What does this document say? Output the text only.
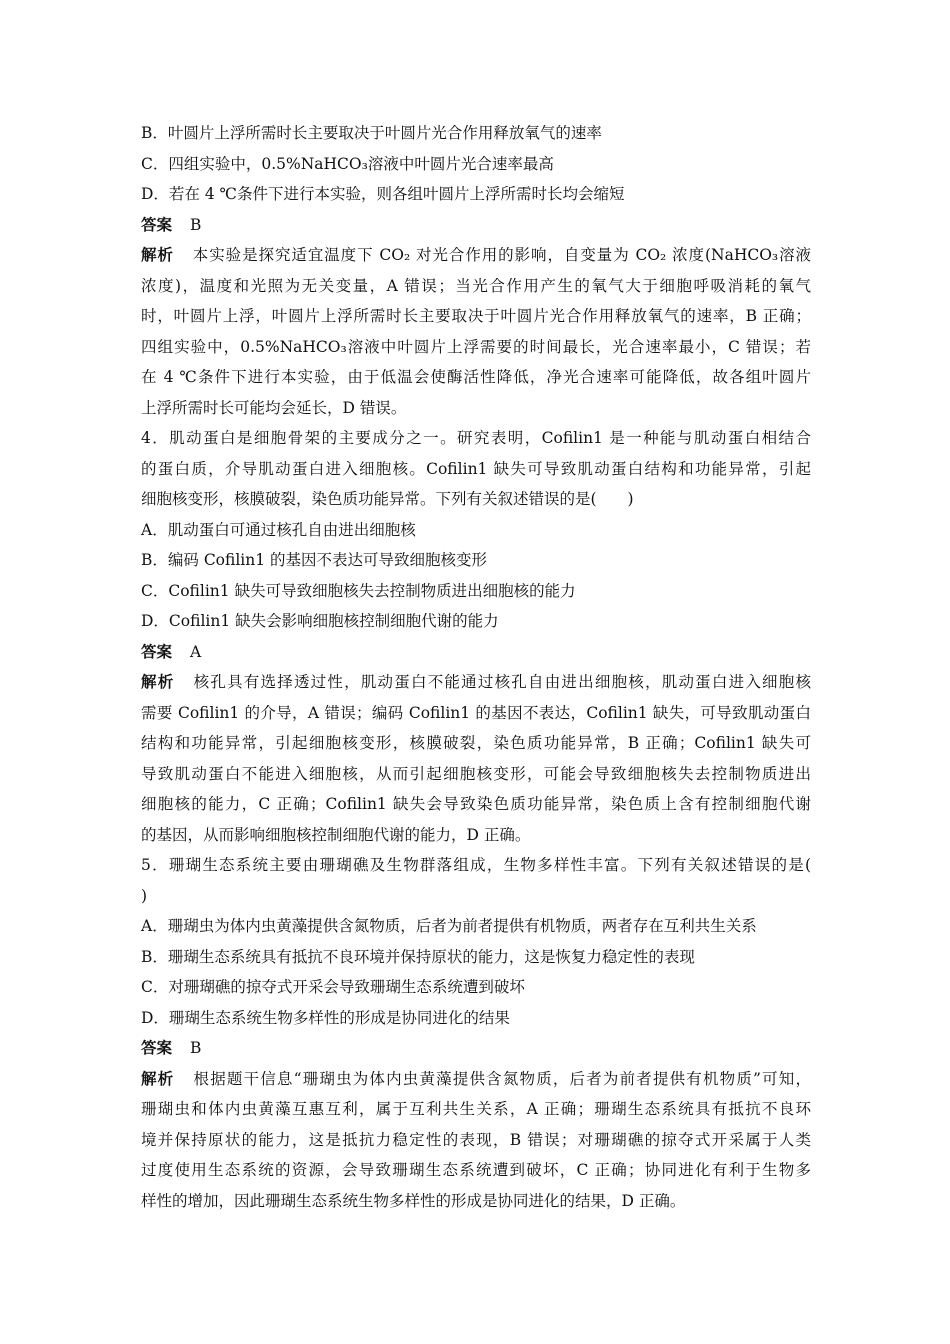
B．叶圆片上浮所需时长主要取决于叶圆片光合作用释放氧气的速率
C．四组实验中，0.5%NaHCO₃溶液中叶圆片光合速率最高
D．若在 4 ℃条件下进行本实验，则各组叶圆片上浮所需时长均会缩短
答案 B
解析 本实验是探究适宜温度下 CO₂ 对光合作用的影响，自变量为 CO₂ 浓度(NaHCO₃溶液
浓度)，温度和光照为无关变量，A 错误；当光合作用产生的氧气大于细胞呼吸消耗的氧气
时，叶圆片上浮，叶圆片上浮所需时长主要取决于叶圆片光合作用释放氧气的速率，B 正确；
四组实验中，0.5%NaHCO₃溶液中叶圆片上浮需要的时间最长，光合速率最小，C 错误；若
在 4 ℃条件下进行本实验，由于低温会使酶活性降低，净光合速率可能降低，故各组叶圆片
上浮所需时长可能均会延长，D 错误。
4．肌动蛋白是细胞骨架的主要成分之一。研究表明，Cofilin1 是一种能与肌动蛋白相结合
的蛋白质，介导肌动蛋白进入细胞核。Cofilin1 缺失可导致肌动蛋白结构和功能异常，引起
细胞核变形，核膜破裂，染色质功能异常。下列有关叙述错误的是(　　)
A．肌动蛋白可通过核孔自由进出细胞核
B．编码 Cofilin1 的基因不表达可导致细胞核变形
C．Cofilin1 缺失可导致细胞核失去控制物质进出细胞核的能力
D．Cofilin1 缺失会影响细胞核控制细胞代谢的能力
答案 A
解析 核孔具有选择透过性，肌动蛋白不能通过核孔自由进出细胞核，肌动蛋白进入细胞核
需要 Cofilin1 的介导，A 错误；编码 Cofilin1 的基因不表达，Cofilin1 缺失，可导致肌动蛋白
结构和功能异常，引起细胞核变形，核膜破裂，染色质功能异常，B 正确；Cofilin1 缺失可
导致肌动蛋白不能进入细胞核，从而引起细胞核变形，可能会导致细胞核失去控制物质进出
细胞核的能力，C 正确；Cofilin1 缺失会导致染色质功能异常，染色质上含有控制细胞代谢
的基因，从而影响细胞核控制细胞代谢的能力，D 正确。
5．珊瑚生态系统主要由珊瑚礁及生物群落组成，生物多样性丰富。下列有关叙述错误的是(
)
A．珊瑚虫为体内虫黄藻提供含氮物质，后者为前者提供有机物质，两者存在互利共生关系
B．珊瑚生态系统具有抵抗不良环境并保持原状的能力，这是恢复力稳定性的表现
C．对珊瑚礁的掠夺式开采会导致珊瑚生态系统遭到破坏
D．珊瑚生态系统生物多样性的形成是协同进化的结果
答案 B
解析 根据题干信息“珊瑚虫为体内虫黄藻提供含氮物质，后者为前者提供有机物质”可知，
珊瑚虫和体内虫黄藻互惠互利，属于互利共生关系，A 正确；珊瑚生态系统具有抵抗不良环
境并保持原状的能力，这是抵抗力稳定性的表现，B 错误；对珊瑚礁的掠夺式开采属于人类
过度使用生态系统的资源，会导致珊瑚生态系统遭到破坏，C 正确；协同进化有利于生物多
样性的增加，因此珊瑚生态系统生物多样性的形成是协同进化的结果，D 正确。
